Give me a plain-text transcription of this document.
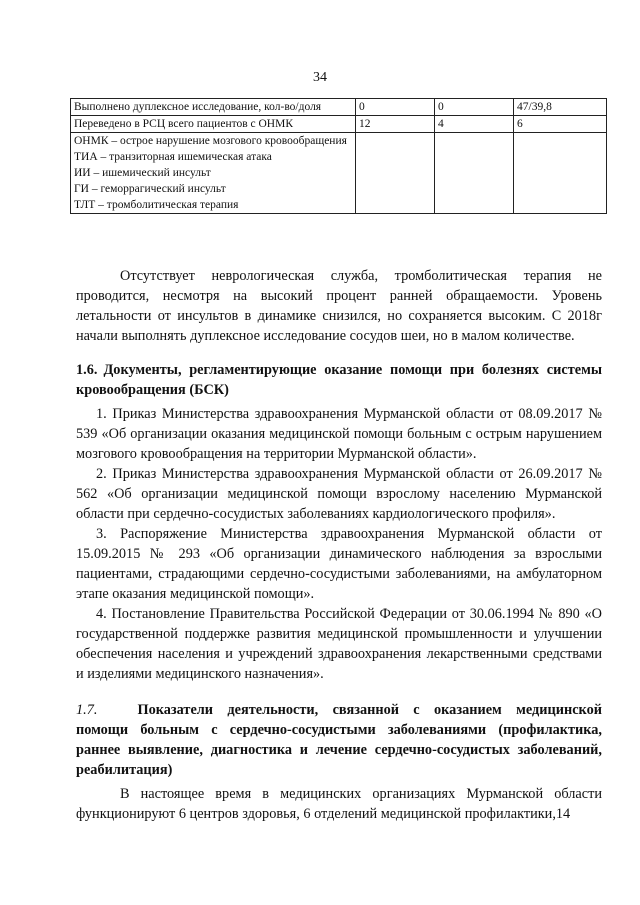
34
Выполнено дуплексное исследование, кол-во/доля	0	0	47/39,8
Переведено в РСЦ всего пациентов с ОНМК	12	4	6

ОНМК – острое нарушение мозгового кровообращения
ТИА – транзиторная ишемическая атака
ИИ – ишемический инсульт
ГИ – геморрагический инсульт
ТЛТ – тромболитическая терапия			

Отсутствует неврологическая служба, тромболитическая терапия не проводится, несмотря на высокий процент ранней обращаемости. Уровень летальности от инсультов в динамике снизился, но сохраняется высоким. С 2018г начали выполнять дуплексное исследование сосудов шеи, но в малом количестве.

1.6. Документы, регламентирующие оказание помощи при болезнях системы кровообращения (БСК)

1. Приказ Министерства здравоохранения Мурманской области от 08.09.2017 № 539 «Об организации оказания медицинской помощи больным с острым нарушением мозгового кровообращения на территории Мурманской области».

2. Приказ Министерства здравоохранения Мурманской области от 26.09.2017 № 562 «Об организации медицинской помощи взрослому населению Мурманской области при сердечно-сосудистых заболеваниях кардиологического профиля».

3. Распоряжение Министерства здравоохранения Мурманской области от 15.09.2015 № 293 «Об организации динамического наблюдения за взрослыми пациентами, страдающими сердечно-сосудистыми заболеваниями, на амбулаторном этапе оказания медицинской помощи».

4. Постановление Правительства Российской Федерации от 30.06.1994 № 890 «О государственной поддержке развития медицинской промышленности и улучшении обеспечения населения и учреждений здравоохранения лекарственными средствами и изделиями медицинского назначения».

1.7.	Показатели деятельности, связанной с оказанием медицинской помощи больным с сердечно-сосудистыми заболеваниями (профилактика, раннее выявление, диагностика и лечение сердечно-сосудистых заболеваний, реабилитация)

В настоящее время в медицинских организациях Мурманской области функционируют 6 центров здоровья, 6 отделений медицинской профилактики,14
